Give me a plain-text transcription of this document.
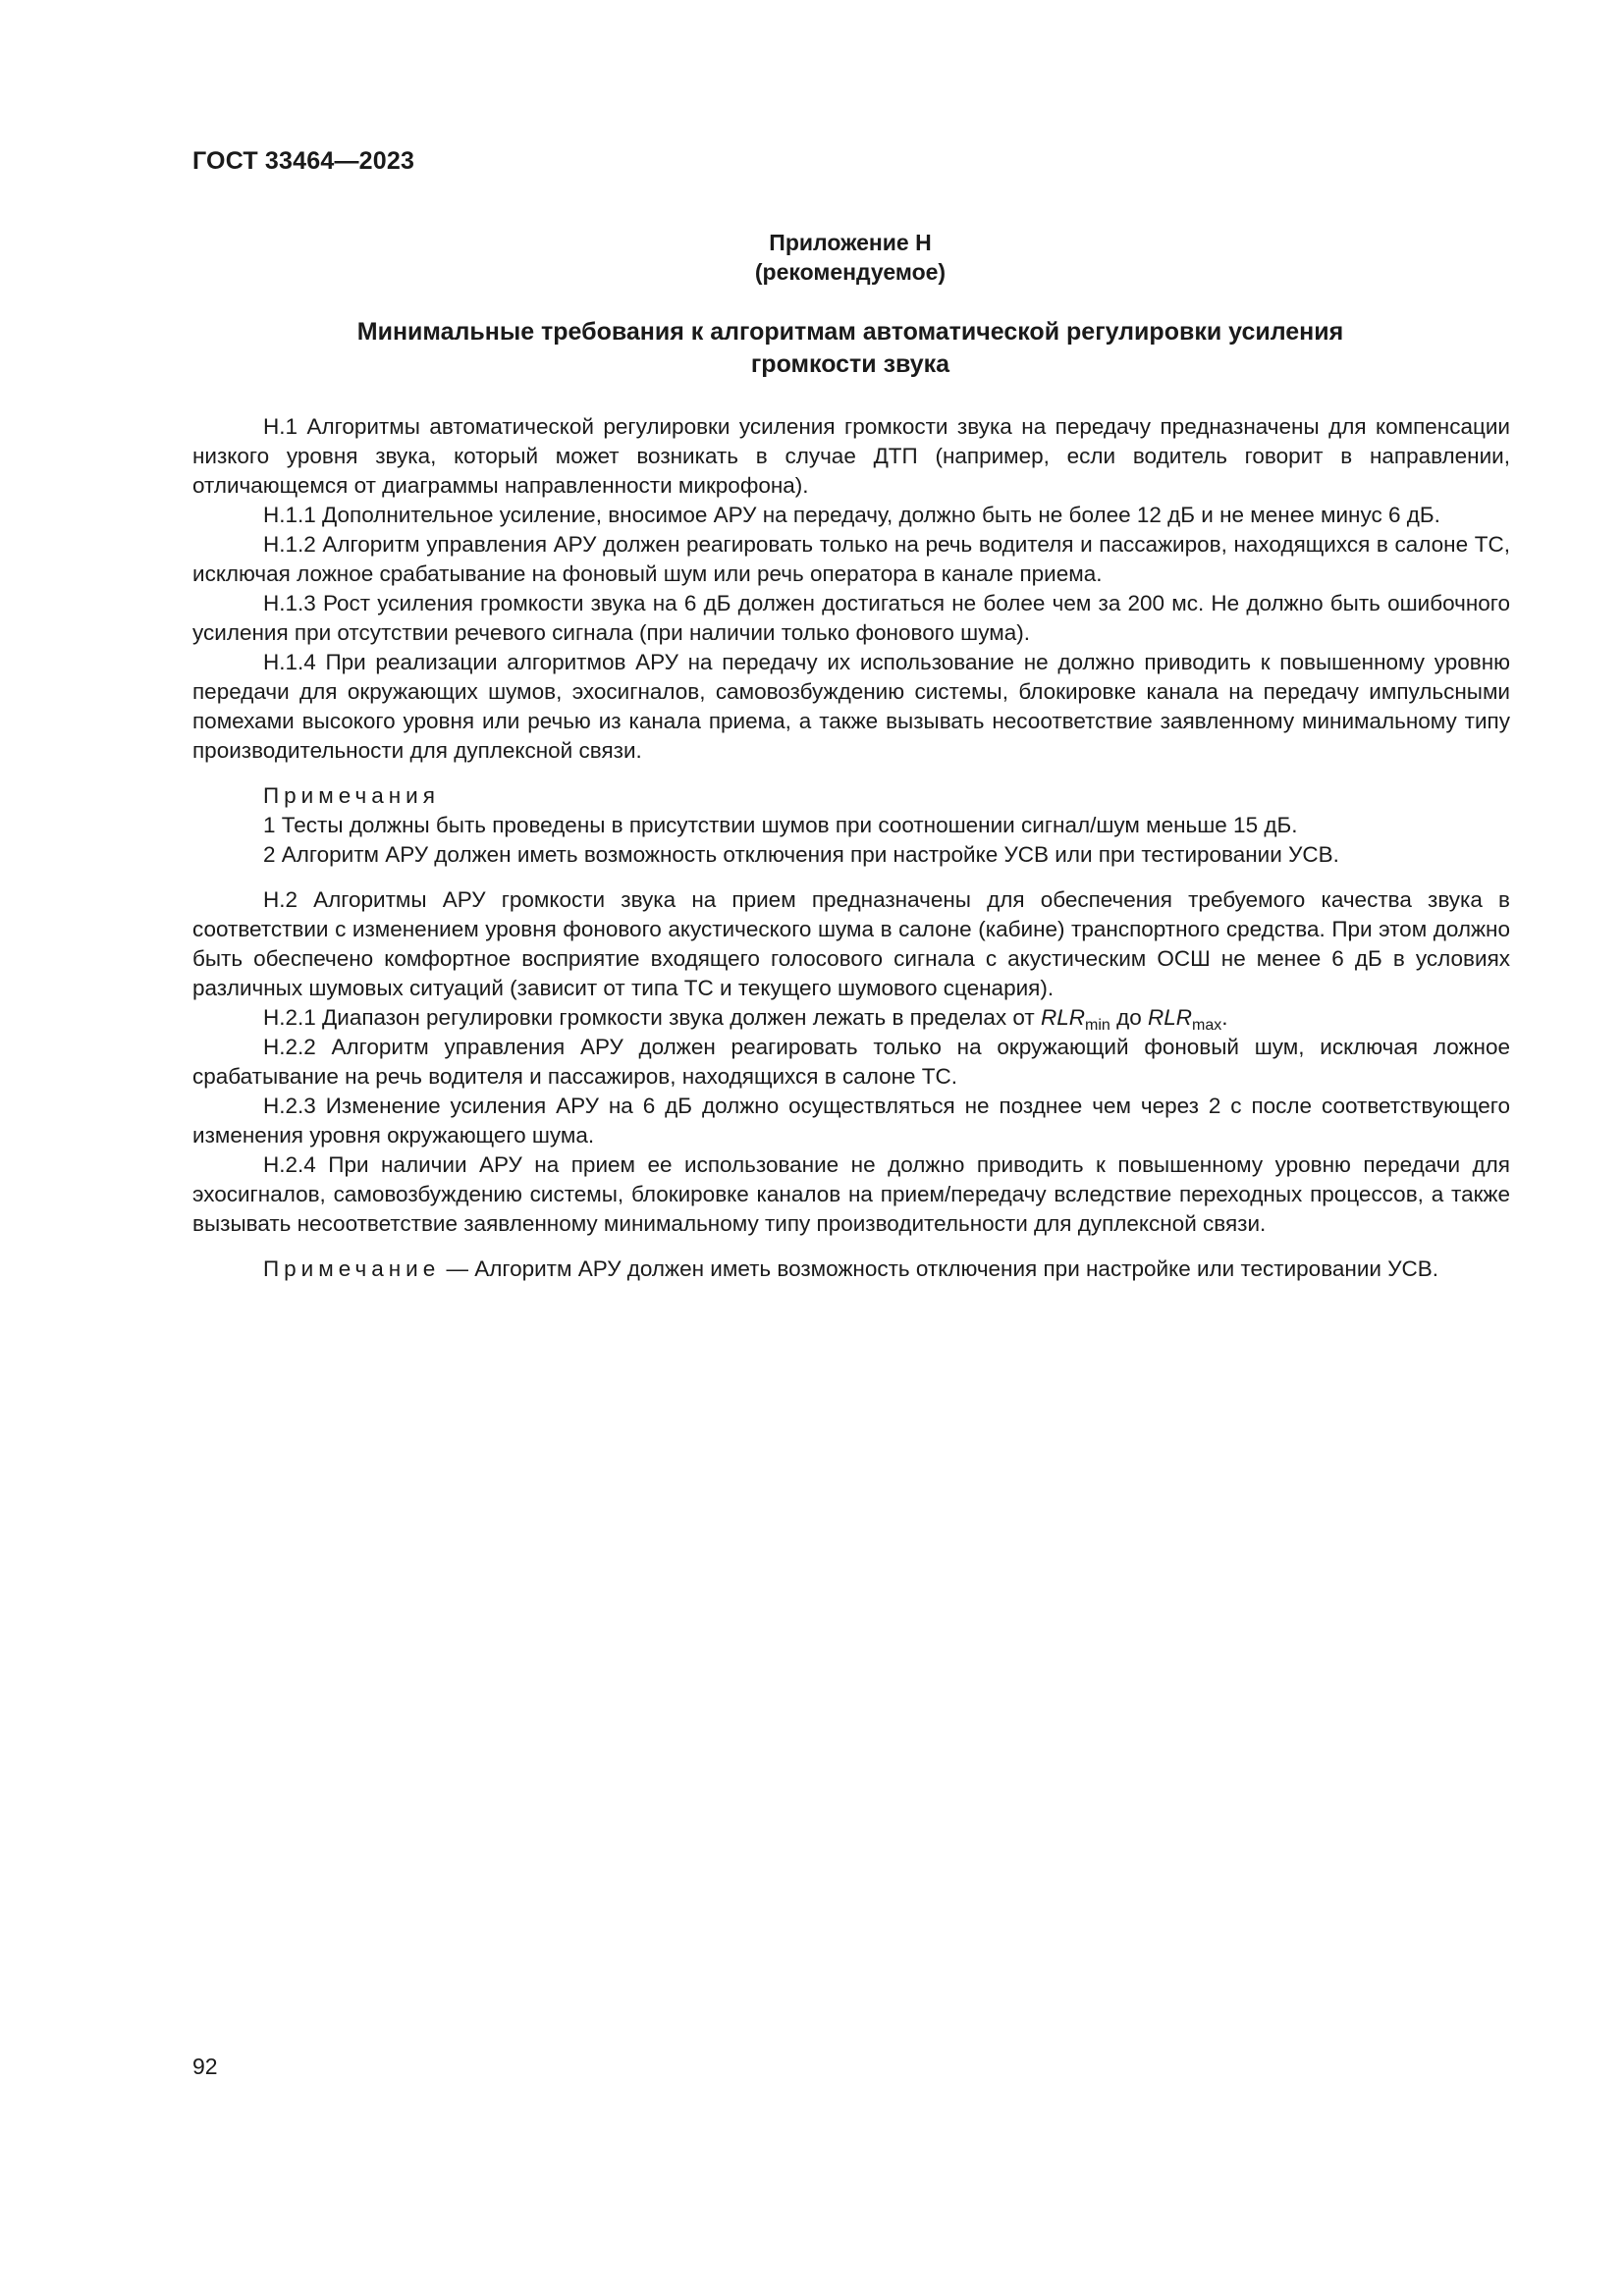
ГОСТ 33464—2023
Приложение Н
(рекомендуемое)
Минимальные требования к алгоритмам автоматической регулировки усиления
громкости звука

Н.1 Алгоритмы автоматической регулировки усиления громкости звука на передачу предназначены для компенсации низкого уровня звука, который может возникать в случае ДТП (например, если водитель говорит в направлении, отличающемся от диаграммы направленности микрофона).

Н.1.1 Дополнительное усиление, вносимое АРУ на передачу, должно быть не более 12 дБ и не менее минус 6 дБ.

Н.1.2 Алгоритм управления АРУ должен реагировать только на речь водителя и пассажиров, находящихся в салоне ТС, исключая ложное срабатывание на фоновый шум или речь оператора в канале приема.

Н.1.3 Рост усиления громкости звука на 6 дБ должен достигаться не более чем за 200 мс. Не должно быть ошибочного усиления при отсутствии речевого сигнала (при наличии только фонового шума).

Н.1.4 При реализации алгоритмов АРУ на передачу их использование не должно приводить к повышенному уровню передачи для окружающих шумов, эхосигналов, самовозбуждению системы, блокировке канала на передачу импульсными помехами высокого уровня или речью из канала приема, а также вызывать несоответствие заявленному минимальному типу производительности для дуплексной связи.

Примечания

1 Тесты должны быть проведены в присутствии шумов при соотношении сигнал/шум меньше 15 дБ.

2 Алгоритм АРУ должен иметь возможность отключения при настройке УСВ или при тестировании УСВ.

Н.2 Алгоритмы АРУ громкости звука на прием предназначены для обеспечения требуемого качества звука в соответствии с изменением уровня фонового акустического шума в салоне (кабине) транспортного средства. При этом должно быть обеспечено комфортное восприятие входящего голосового сигнала с акустическим ОСШ не менее 6 дБ в условиях различных шумовых ситуаций (зависит от типа ТС и текущего шумового сценария).

Н.2.1 Диапазон регулировки громкости звука должен лежать в пределах от $RLR_{min}$ до $RLR_{max}$.

Н.2.2 Алгоритм управления АРУ должен реагировать только на окружающий фоновый шум, исключая ложное срабатывание на речь водителя и пассажиров, находящихся в салоне ТС.

Н.2.3 Изменение усиления АРУ на 6 дБ должно осуществляться не позднее чем через 2 с после соответствующего изменения уровня окружающего шума.

Н.2.4 При наличии АРУ на прием ее использование не должно приводить к повышенному уровню передачи для эхосигналов, самовозбуждению системы, блокировке каналов на прием/передачу вследствие переходных процессов, а также вызывать несоответствие заявленному минимальному типу производительности для дуплексной связи.

Примечание — Алгоритм АРУ должен иметь возможность отключения при настройке или тестировании УСВ.

92
